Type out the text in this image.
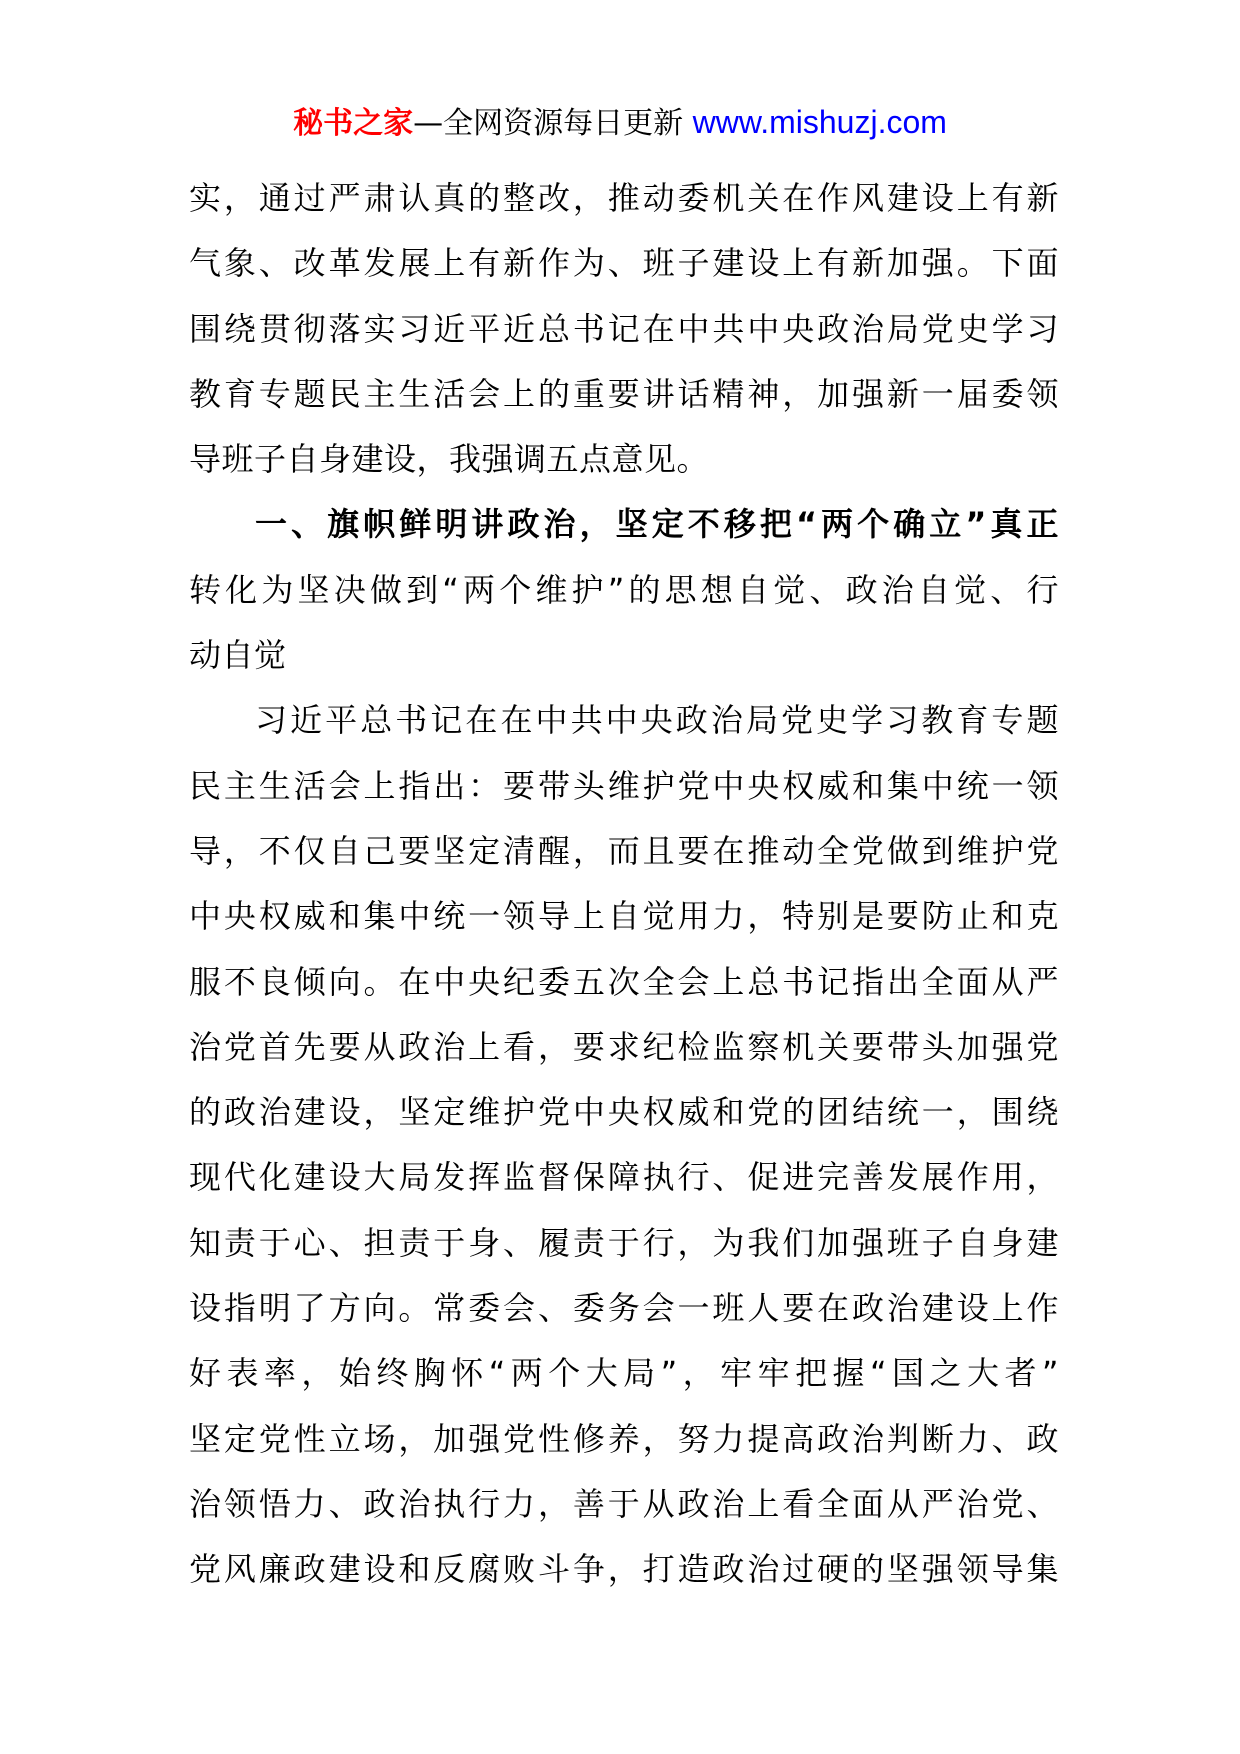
秘书之家—全网资源每日更新 www.mishuzj.com
实，通过严肃认真的整改，推动委机关在作风建设上有新
气象、改革发展上有新作为、班子建设上有新加强。下面
围绕贯彻落实习近平近总书记在中共中央政治局党史学习
教育专题民主生活会上的重要讲话精神，加强新一届委领
导班子自身建设，我强调五点意见。
一、旗帜鲜明讲政治，坚定不移把“两个确立”真正
转化为坚决做到“两个维护”的思想自觉、政治自觉、行
动自觉
习近平总书记在在中共中央政治局党史学习教育专题
民主生活会上指出：要带头维护党中央权威和集中统一领
导，不仅自己要坚定清醒，而且要在推动全党做到维护党
中央权威和集中统一领导上自觉用力，特别是要防止和克
服不良倾向。在中央纪委五次全会上总书记指出全面从严
治党首先要从政治上看，要求纪检监察机关要带头加强党
的政治建设，坚定维护党中央权威和党的团结统一，围绕
现代化建设大局发挥监督保障执行、促进完善发展作用，
知责于心、担责于身、履责于行，为我们加强班子自身建
设指明了方向。常委会、委务会一班人要在政治建设上作
好表率，始终胸怀“两个大局”，牢牢把握“国之大者”
坚定党性立场，加强党性修养，努力提高政治判断力、政
治领悟力、政治执行力，善于从政治上看全面从严治党、
党风廉政建设和反腐败斗争，打造政治过硬的坚强领导集
